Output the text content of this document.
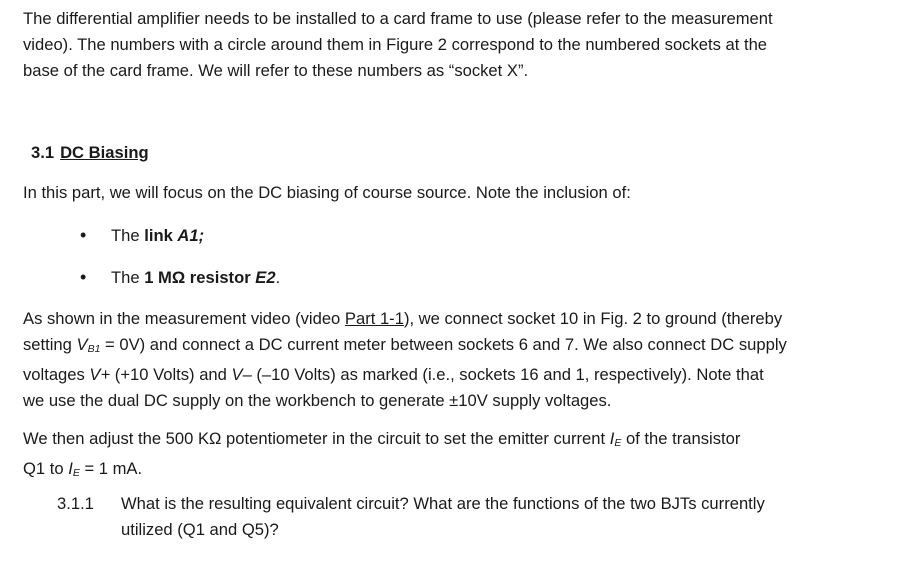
The differential amplifier needs to be installed to a card frame to use (please refer to the measurement
video). The numbers with a circle around them in Figure 2 correspond to the numbered sockets at the
base of the card frame. We will refer to these numbers as “socket X”.

3.1 DC Biasing

In this part, we will focus on the DC biasing of course source. Note the inclusion of:

• The link A1;
• The 1 MΩ resistor E2.

As shown in the measurement video (video Part 1-1), we connect socket 10 in Fig. 2 to ground (thereby
setting VB1 = 0V) and connect a DC current meter between sockets 6 and 7. We also connect DC supply
voltages V+ (+10 Volts) and V– (–10 Volts) as marked (i.e., sockets 16 and 1, respectively). Note that
we use the dual DC supply on the workbench to generate ±10V supply voltages.

We then adjust the 500 KΩ potentiometer in the circuit to set the emitter current IE of the transistor
Q1 to IE = 1 mA.

3.1.1 What is the resulting equivalent circuit? What are the functions of the two BJTs currently
utilized (Q1 and Q5)?
